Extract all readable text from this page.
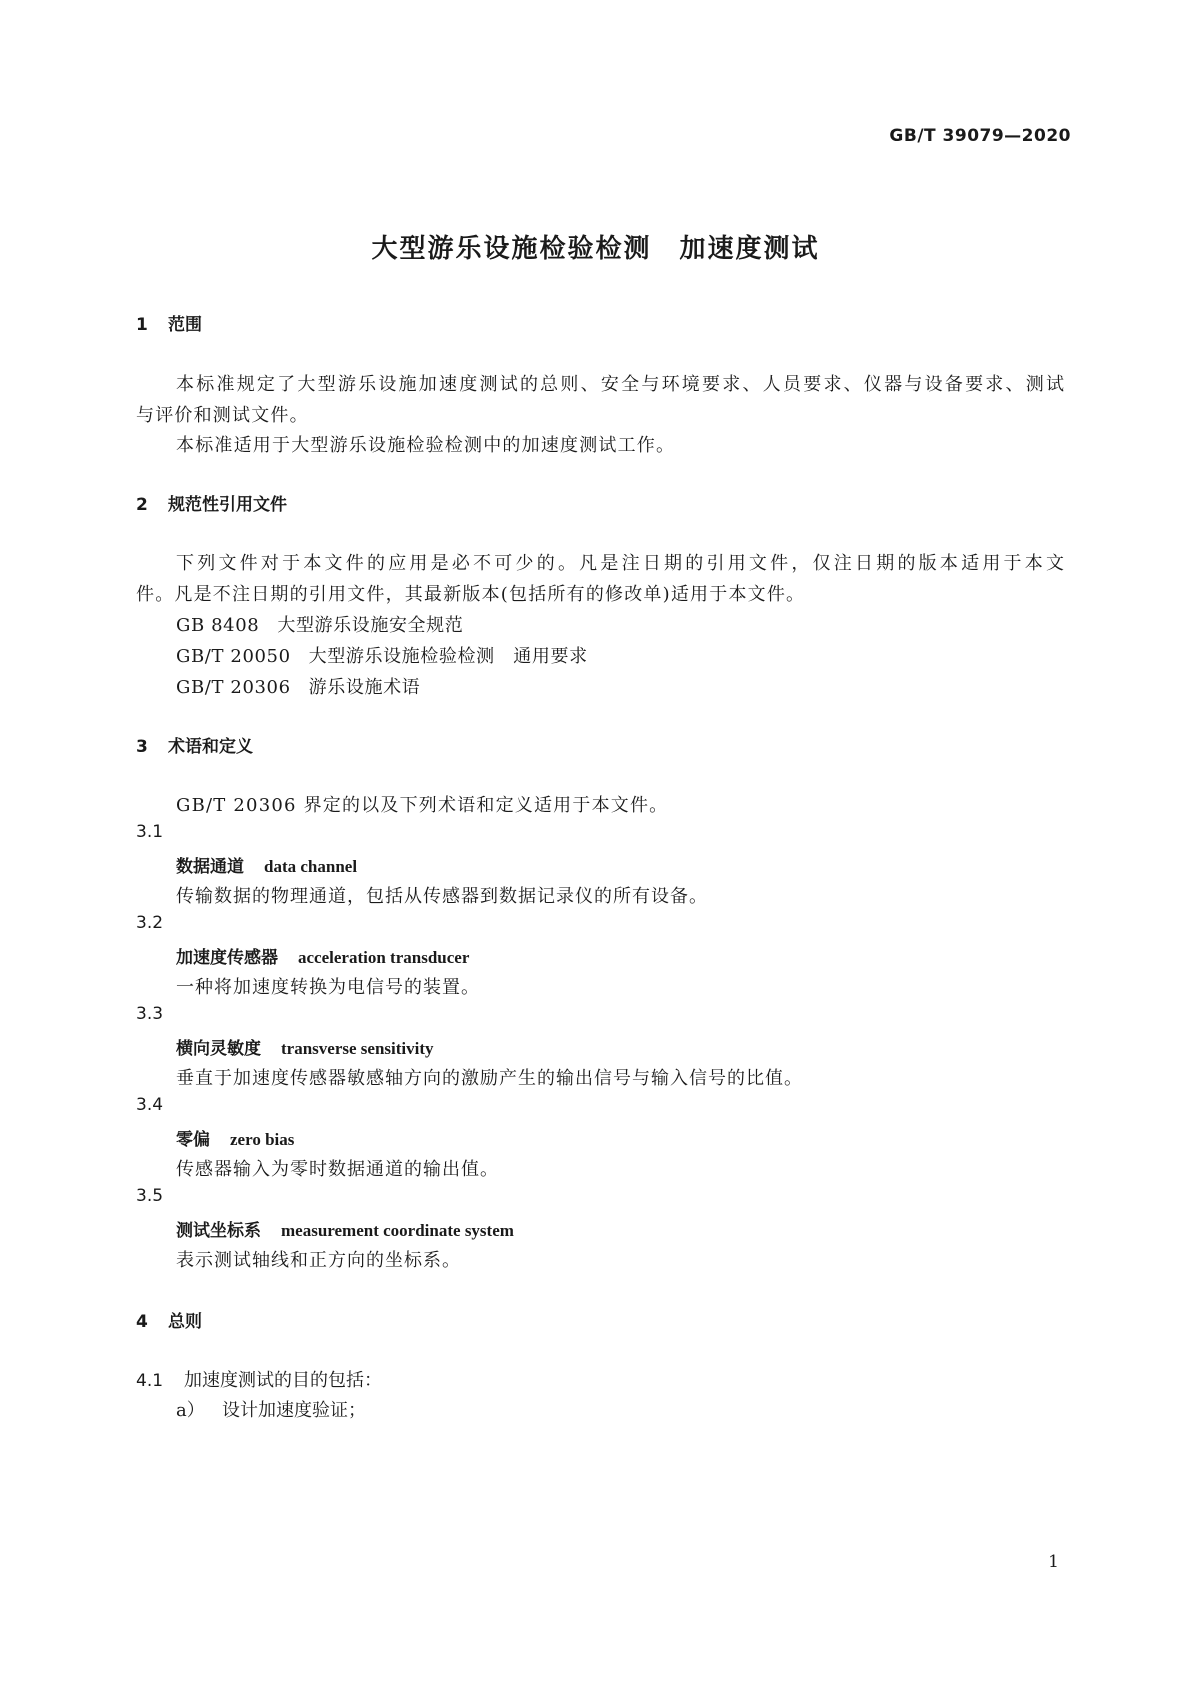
GB/T 39079—2020
大型游乐设施检验检测　加速度测试
1 范围
本标准规定了大型游乐设施加速度测试的总则、安全与环境要求、人员要求、仪器与设备要求、测试
与评价和测试文件。
本标准适用于大型游乐设施检验检测中的加速度测试工作。
2 规范性引用文件
下列文件对于本文件的应用是必不可少的。凡是注日期的引用文件，仅注日期的版本适用于本文
件。凡是不注日期的引用文件，其最新版本(包括所有的修改单)适用于本文件。
GB 8408 大型游乐设施安全规范
GB/T 20050 大型游乐设施检验检测　通用要求
GB/T 20306 游乐设施术语
3 术语和定义
GB/T 20306 界定的以及下列术语和定义适用于本文件。
3.1
数据通道 data channel
传输数据的物理通道，包括从传感器到数据记录仪的所有设备。
3.2
加速度传感器 acceleration transducer
一种将加速度转换为电信号的装置。
3.3
横向灵敏度 transverse sensitivity
垂直于加速度传感器敏感轴方向的激励产生的输出信号与输入信号的比值。
3.4
零偏 zero bias
传感器输入为零时数据通道的输出值。
3.5
测试坐标系 measurement coordinate system
表示测试轴线和正方向的坐标系。
4 总则
4.1 加速度测试的目的包括：
a） 设计加速度验证；
1
